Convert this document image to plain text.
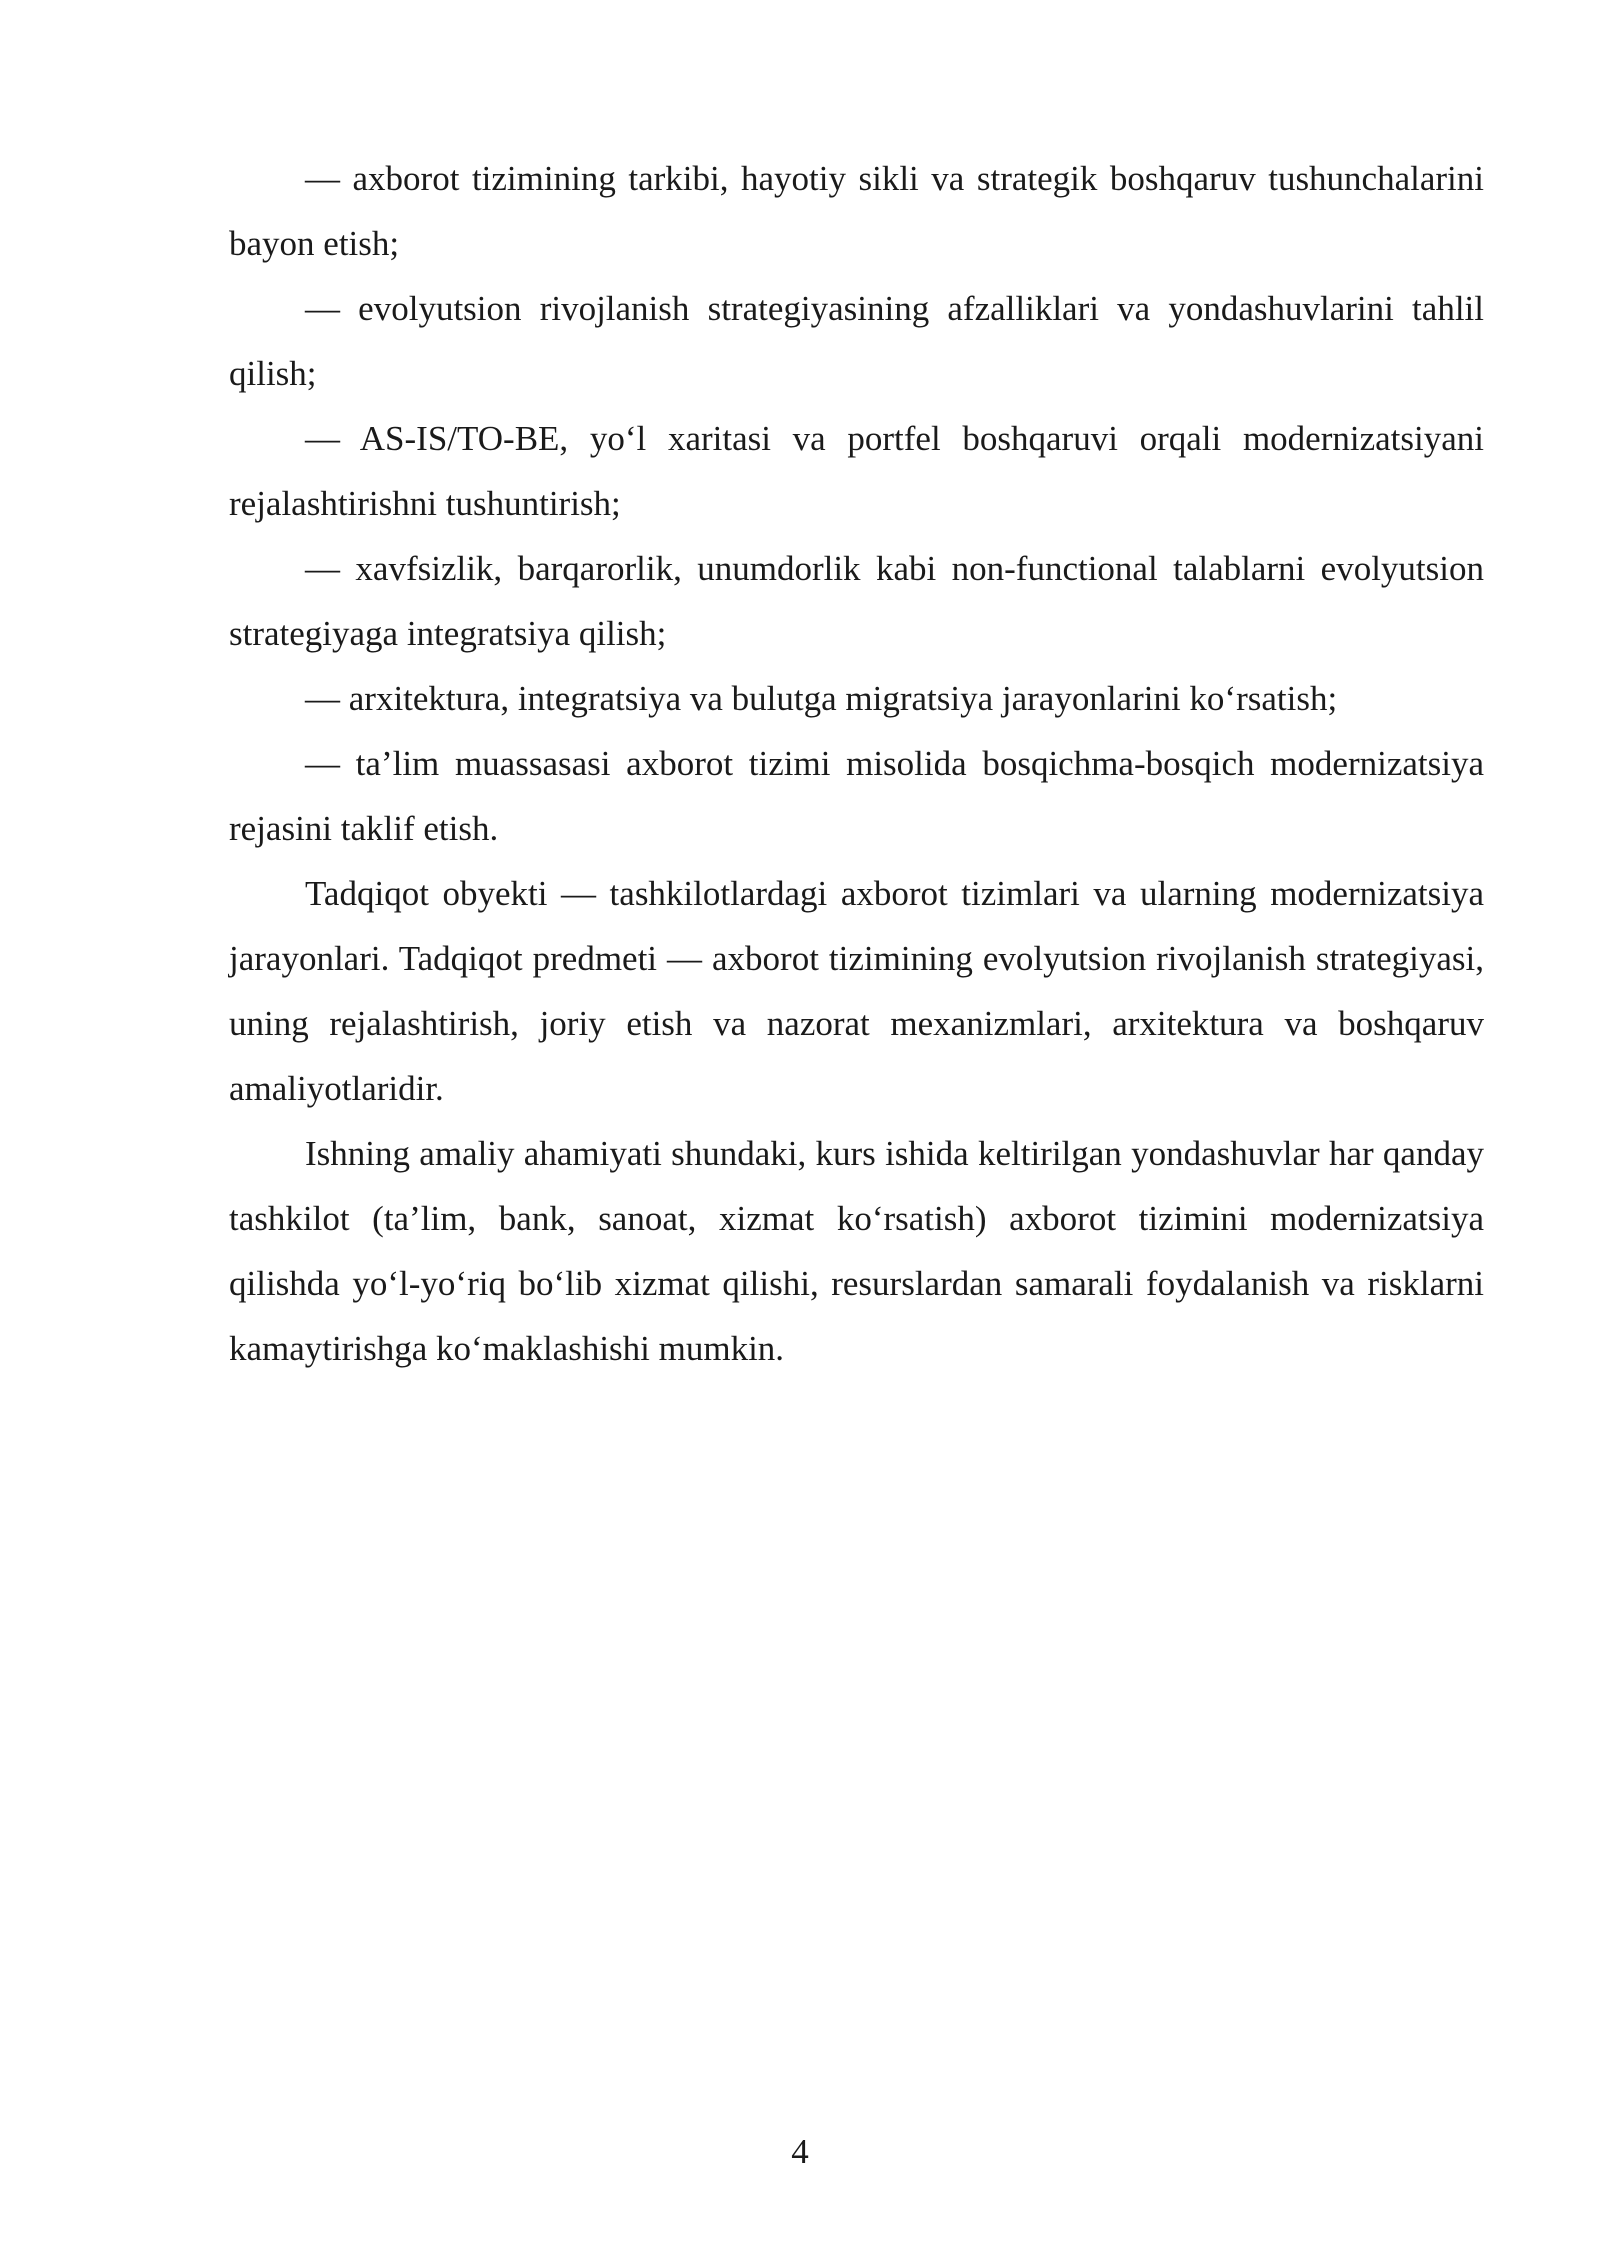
— axborot tizimining tarkibi, hayotiy sikli va strategik boshqaruv tushunchalarini bayon etish;

— evolyutsion rivojlanish strategiyasining afzalliklari va yondashuvlarini tahlil qilish;

— AS-IS/TO-BE, yo‘l xaritasi va portfel boshqaruvi orqali modernizatsiyani rejalashtirishni tushuntirish;

— xavfsizlik, barqarorlik, unumdorlik kabi non-functional talablarni evolyutsion strategiyaga integratsiya qilish;

— arxitektura, integratsiya va bulutga migratsiya jarayonlarini ko‘rsatish;

— ta’lim muassasasi axborot tizimi misolida bosqichma-bosqich modernizatsiya rejasini taklif etish.

Tadqiqot obyekti — tashkilotlardagi axborot tizimlari va ularning modernizatsiya jarayonlari. Tadqiqot predmeti — axborot tizimining evolyutsion rivojlanish strategiyasi, uning rejalashtirish, joriy etish va nazorat mexanizmlari, arxitektura va boshqaruv amaliyotlaridir.

Ishning amaliy ahamiyati shundaki, kurs ishida keltirilgan yondashuvlar har qanday tashkilot (ta’lim, bank, sanoat, xizmat ko‘rsatish) axborot tizimini modernizatsiya qilishda yo‘l-yo‘riq bo‘lib xizmat qilishi, resurslardan samarali foydalanish va risklarni kamaytirishga ko‘maklashishi mumkin.

4
